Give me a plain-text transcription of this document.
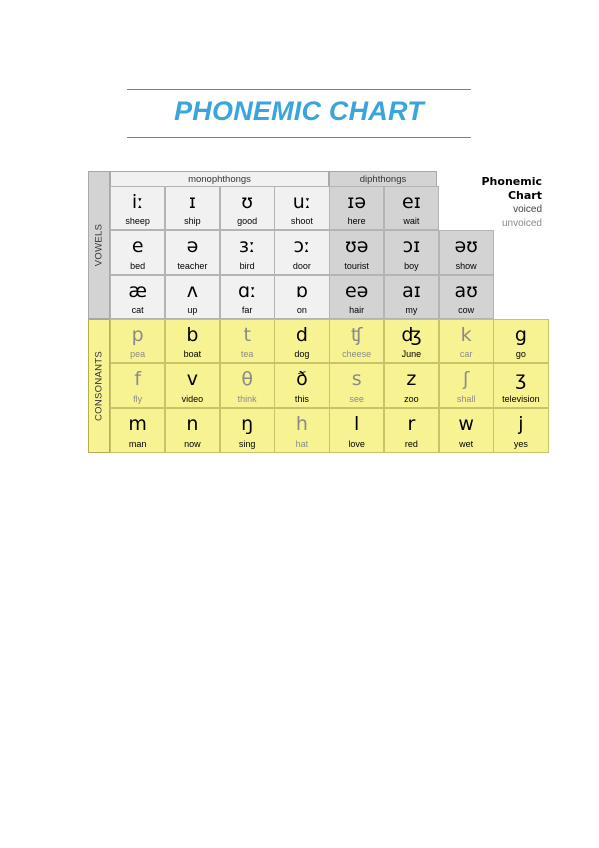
PHONEMIC CHART
VOWELS
CONSONANTS
monophthongs	diphthongs	Phonemic
Chart
voiced
unvoiced
iː
sheep
ɪ
ship
ʊ
good
uː
shoot
ɪə
here
eɪ
wait
e
bed
ə
teacher
ɜː
bird
ɔː
door
ʊə
tourist
ɔɪ
boy
əʊ
show
æ
cat
ʌ
up
ɑː
far
ɒ
on
eə
hair
aɪ
my
aʊ
cow
p
pea
b
boat
t
tea
d
dog
ʧ
cheese
ʤ
June
k
car
g
go
f
fly
v
video
θ
think
ð
this
s
see
z
zoo
ʃ
shall
ʒ
television
m
man
n
now
ŋ
sing
h
hat
l
love
r
red
w
wet
j
yes
